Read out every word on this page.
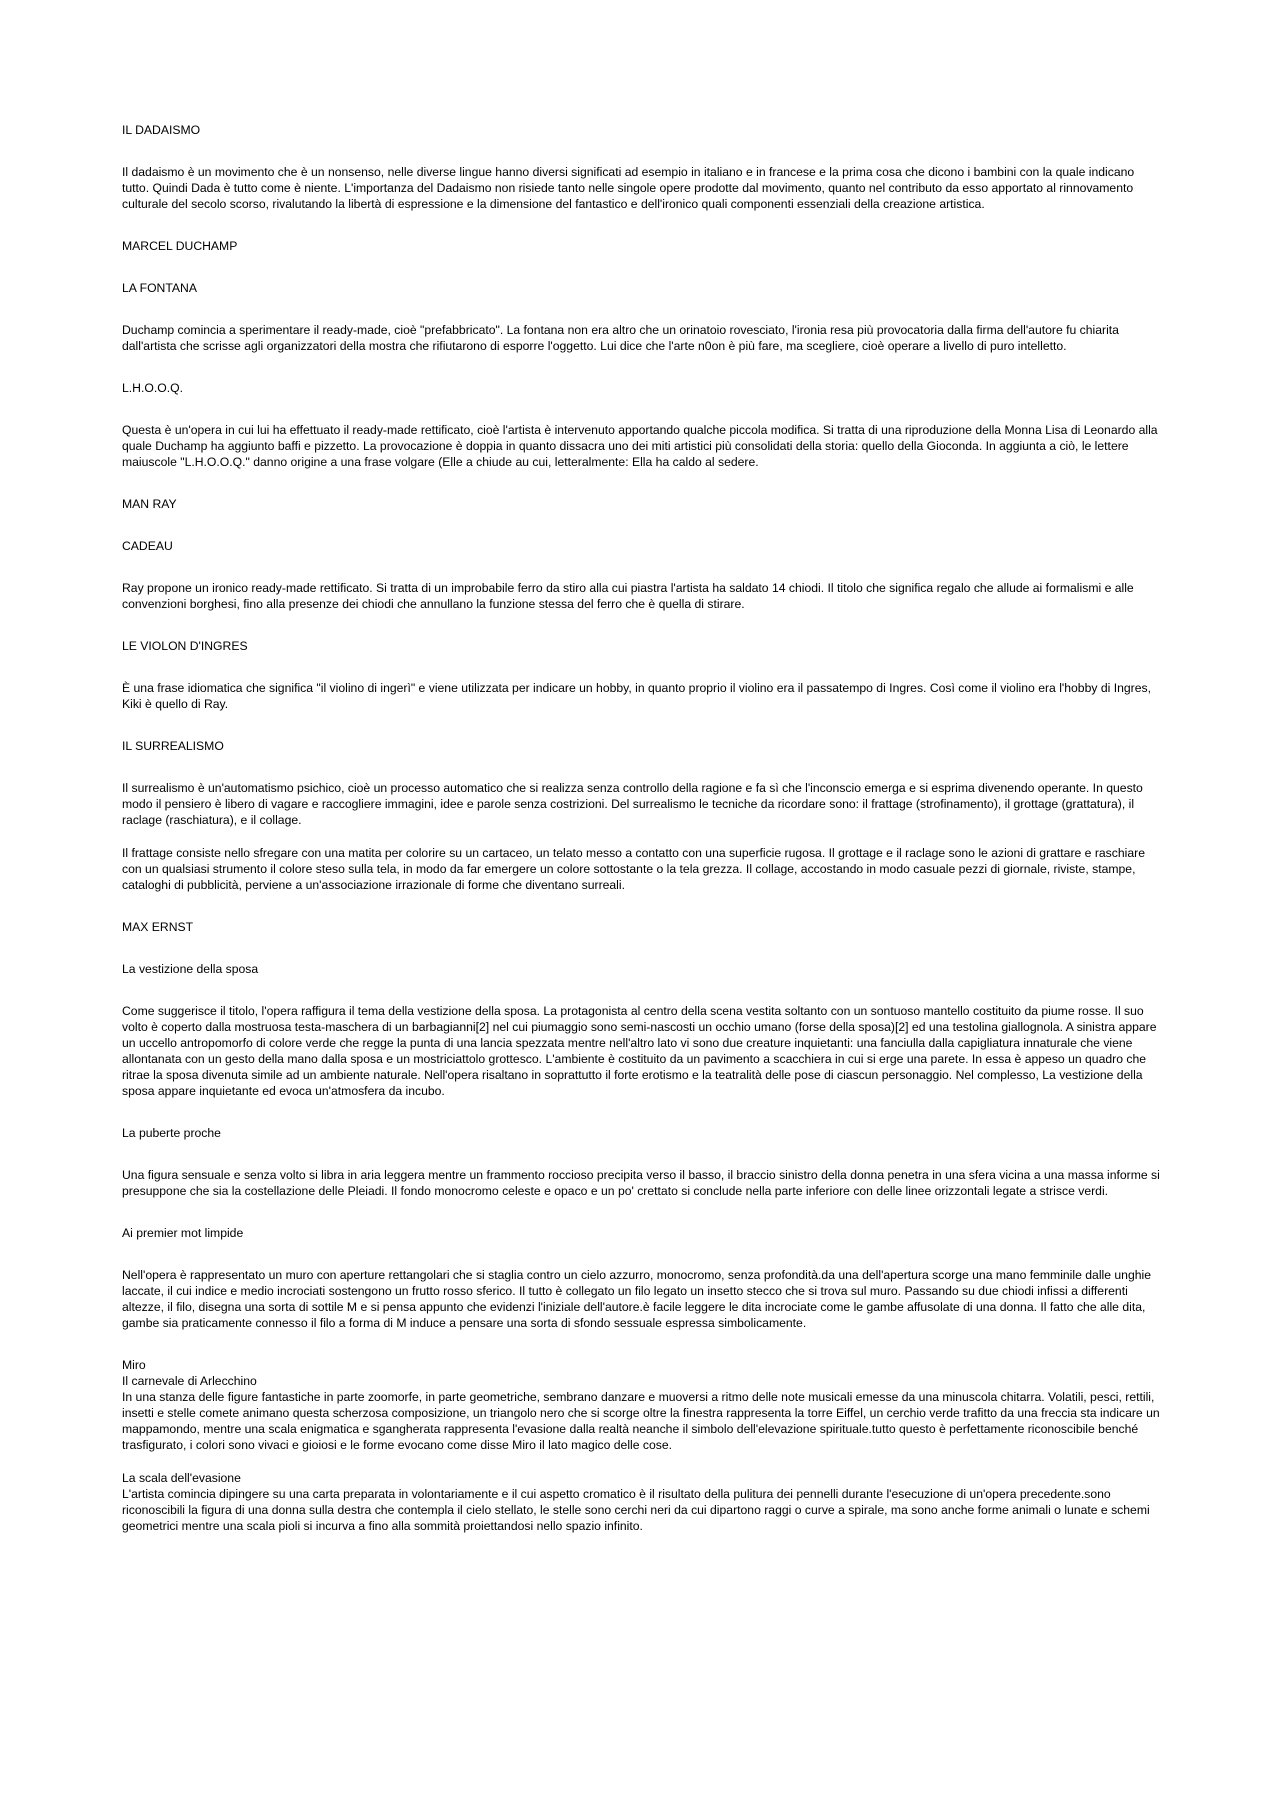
IL DADAISMO

Il dadaismo è un movimento che è un nonsenso, nelle diverse lingue hanno diversi significati ad esempio in italiano e in francese e la prima cosa che dicono i bambini con la quale indicano tutto. Quindi Dada è tutto come è niente. L'importanza del Dadaismo non risiede tanto nelle singole opere prodotte dal movimento, quanto nel contributo da esso apportato al rinnovamento culturale del secolo scorso, rivalutando la libertà di espressione e la dimensione del fantastico e dell'ironico quali componenti essenziali della creazione artistica.

MARCEL DUCHAMP

LA FONTANA

Duchamp comincia a sperimentare il ready-made, cioè "prefabbricato". La fontana non era altro che un orinatoio rovesciato, l'ironia resa più provocatoria dalla firma dell'autore fu chiarita dall'artista che scrisse agli organizzatori della mostra che rifiutarono di esporre l'oggetto. Lui dice che l'arte n0on è più fare, ma scegliere, cioè operare a livello di puro intelletto.

L.H.O.O.Q.

Questa è un'opera in cui lui ha effettuato il ready-made rettificato, cioè l'artista è intervenuto apportando qualche piccola modifica. Si tratta di una riproduzione della Monna Lisa di Leonardo alla quale Duchamp ha aggiunto baffi e pizzetto. La provocazione è doppia in quanto dissacra uno dei miti artistici più consolidati della storia: quello della Gioconda. In aggiunta a ciò, le lettere maiuscole "L.H.O.O.Q." danno origine a una frase volgare (Elle a chiude au cui, letteralmente: Ella ha caldo al sedere.

MAN RAY

CADEAU

Ray propone un ironico ready-made rettificato. Si tratta di un improbabile ferro da stiro alla cui piastra l'artista ha saldato 14 chiodi. Il titolo che significa regalo che allude ai formalismi e alle convenzioni borghesi, fino alla presenze dei chiodi che annullano la funzione stessa del ferro che è quella di stirare.

LE VIOLON D'INGRES

È una frase idiomatica che significa "il violino di ingerì" e viene utilizzata per indicare un hobby, in quanto proprio il violino era il passatempo di Ingres. Così come il violino era l'hobby di Ingres, Kiki è quello di Ray.

IL SURREALISMO

Il surrealismo è un'automatismo psichico, cioè un processo automatico che si realizza senza controllo della ragione e fa sì che l'inconscio emerga e si esprima divenendo operante. In questo modo il pensiero è libero di vagare e raccogliere immagini, idee e parole senza costrizioni. Del surrealismo le tecniche da ricordare sono: il frattage (strofinamento), il grottage (grattatura), il raclage (raschiatura), e il collage.

Il frattage consiste nello sfregare con una matita per colorire su un cartaceo, un telato messo a contatto con una superficie rugosa. Il grottage e il raclage sono le azioni di grattare e raschiare con un qualsiasi strumento il colore steso sulla tela, in modo da far emergere un colore sottostante o la tela grezza. Il collage, accostando in modo casuale pezzi di giornale, riviste, stampe, cataloghi di pubblicità, perviene a un'associazione irrazionale di forme che diventano surreali.

MAX ERNST

La vestizione della sposa

Come suggerisce il titolo, l'opera raffigura il tema della vestizione della sposa. La protagonista al centro della scena vestita soltanto con un sontuoso mantello costituito da piume rosse. Il suo volto è coperto dalla mostruosa testa-maschera di un barbagianni[2] nel cui piumaggio sono semi-nascosti un occhio umano (forse della sposa)[2] ed una testolina giallognola. A sinistra appare un uccello antropomorfo di colore verde che regge la punta di una lancia spezzata mentre nell'altro lato vi sono due creature inquietanti: una fanciulla dalla capigliatura innaturale che viene allontanata con un gesto della mano dalla sposa e un mostriciattolo grottesco. L'ambiente è costituito da un pavimento a scacchiera in cui si erge una parete. In essa è appeso un quadro che ritrae la sposa divenuta simile ad un ambiente naturale. Nell'opera risaltano in soprattutto il forte erotismo e la teatralità delle pose di ciascun personaggio. Nel complesso, La vestizione della sposa appare inquietante ed evoca un'atmosfera da incubo.

La puberte proche

Una figura sensuale e senza volto si libra in aria leggera mentre un frammento roccioso precipita verso il basso, il braccio sinistro della donna penetra in una sfera vicina a una massa informe si presuppone che sia la costellazione delle Pleiadi. Il fondo monocromo celeste e opaco e un po' crettato si conclude nella parte inferiore con delle linee orizzontali legate a strisce verdi.

Ai premier mot limpide

Nell'opera è rappresentato un muro con aperture rettangolari che si staglia contro un cielo azzurro, monocromo, senza profondità.da una dell'apertura scorge una mano femminile dalle unghie laccate, il cui indice e medio incrociati sostengono un frutto rosso sferico. Il tutto è collegato un filo legato un insetto stecco che si trova sul muro. Passando su due chiodi infissi a differenti altezze, il filo, disegna una sorta di sottile M e si pensa appunto che evidenzi l'iniziale dell'autore.è facile leggere le dita incrociate come le gambe affusolate di una donna. Il fatto che alle dita, gambe sia praticamente connesso il filo a forma di M induce a pensare una sorta di sfondo sessuale espressa simbolicamente.

Miro

Il carnevale di Arlecchino

In una stanza delle figure fantastiche in parte zoomorfe, in parte geometriche, sembrano danzare e muoversi a ritmo delle note musicali emesse da una minuscola chitarra. Volatili, pesci, rettili, insetti e stelle comete animano questa scherzosa composizione, un triangolo nero che si scorge oltre la finestra rappresenta la torre Eiffel, un cerchio verde trafitto da una freccia sta indicare un mappamondo, mentre una scala enigmatica e sgangherata rappresenta l'evasione dalla realtà neanche il simbolo dell'elevazione spirituale.tutto questo è perfettamente riconoscibile benché trasfigurato, i colori sono vivaci e gioiosi e le forme evocano come disse Miro il lato magico delle cose.

La scala dell'evasione

L'artista comincia dipingere su una carta preparata in volontariamente e il cui aspetto cromatico è il risultato della pulitura dei pennelli durante l'esecuzione di un'opera precedente.sono riconoscibili la figura di una donna sulla destra che contempla il cielo stellato, le stelle sono cerchi neri da cui dipartono raggi o curve a spirale, ma sono anche forme animali o lunate e schemi geometrici mentre una scala pioli si incurva a fino alla sommità proiettandosi nello spazio infinito.
